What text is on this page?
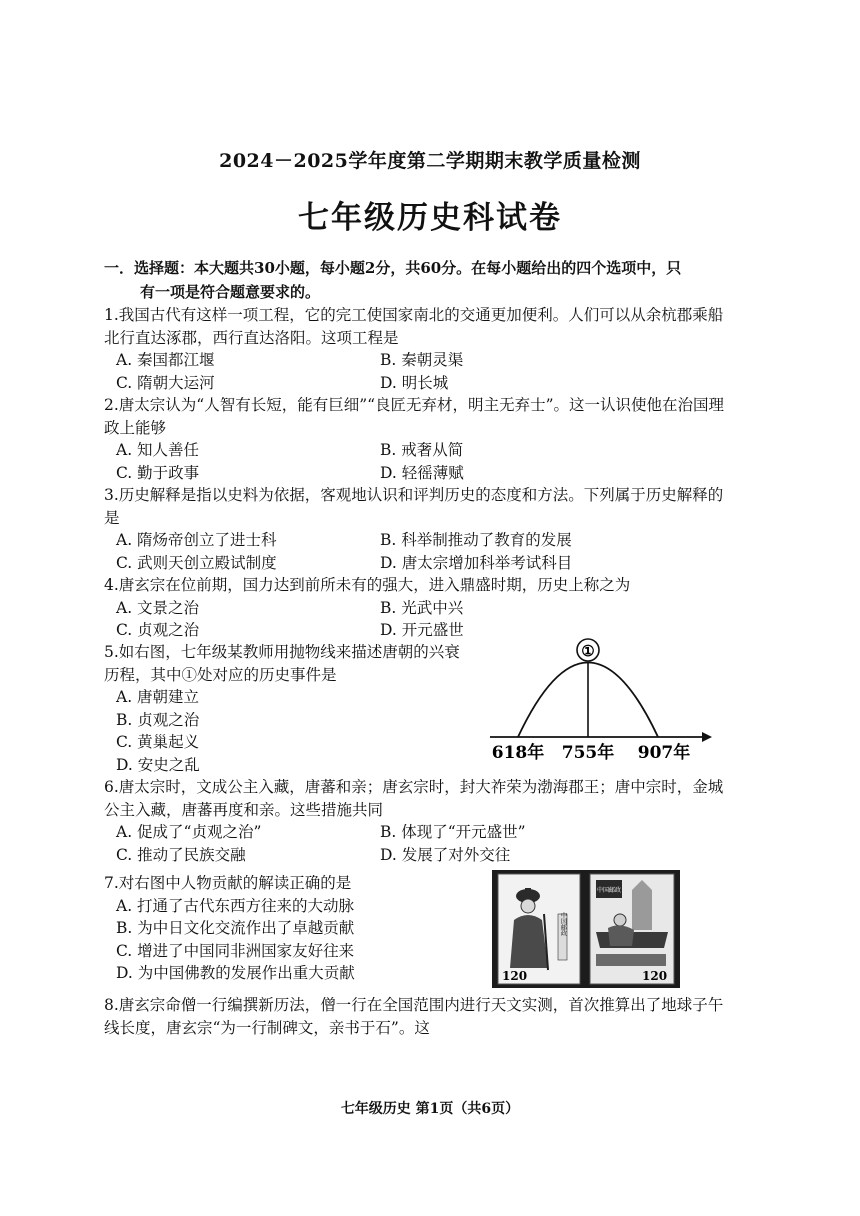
2024－2025学年度第二学期期末教学质量检测
七年级历史科试卷
一．选择题：本大题共30小题，每小题2分，共60分。在每小题给出的四个选项中，只
有一项是符合题意要求的。
1.我国古代有这样一项工程，它的完工使国家南北的交通更加便利。人们可以从余杭郡乘船北行直达涿郡，西行直达洛阳。这项工程是
A. 秦国都江堰	B. 秦朝灵渠
C. 隋朝大运河	D. 明长城
2.唐太宗认为“人智有长短，能有巨细”“良匠无弃材，明主无弃士”。这一认识使他在治国理政上能够
A. 知人善任	B. 戒奢从简
C. 勤于政事	D. 轻徭薄赋
3.历史解释是指以史料为依据，客观地认识和评判历史的态度和方法。下列属于历史解释的是
A. 隋炀帝创立了进士科	B. 科举制推动了教育的发展
C. 武则天创立殿试制度	D. 唐太宗增加科举考试科目
4.唐玄宗在位前期，国力达到前所未有的强大，进入鼎盛时期，历史上称之为
A. 文景之治	B. 光武中兴
C. 贞观之治	D. 开元盛世
5.如右图，七年级某教师用抛物线来描述唐朝的兴衰历程，其中①处对应的历史事件是
A. 唐朝建立
B. 贞观之治
C. 黄巢起义
D. 安史之乱
①
618年 755年 907年
6.唐太宗时，文成公主入藏，唐蕃和亲；唐玄宗时，封大祚荣为渤海郡王；唐中宗时，金城公主入藏，唐蕃再度和亲。这些措施共同
A. 促成了“贞观之治”	B. 体现了“开元盛世”
C. 推动了民族交融	D. 发展了对外交往
7.对右图中人物贡献的解读正确的是
A. 打通了古代东西方往来的大动脉
B. 为中日文化交流作出了卓越贡献
C. 增进了中国同非洲国家友好往来
D. 为中国佛教的发展作出重大贡献
中国邮政
120
中国邮政
120
8.唐玄宗命僧一行编撰新历法，僧一行在全国范围内进行天文实测，首次推算出了地球子午线长度，唐玄宗“为一行制碑文，亲书于石”。这
七年级历史 第1页（共6页）
